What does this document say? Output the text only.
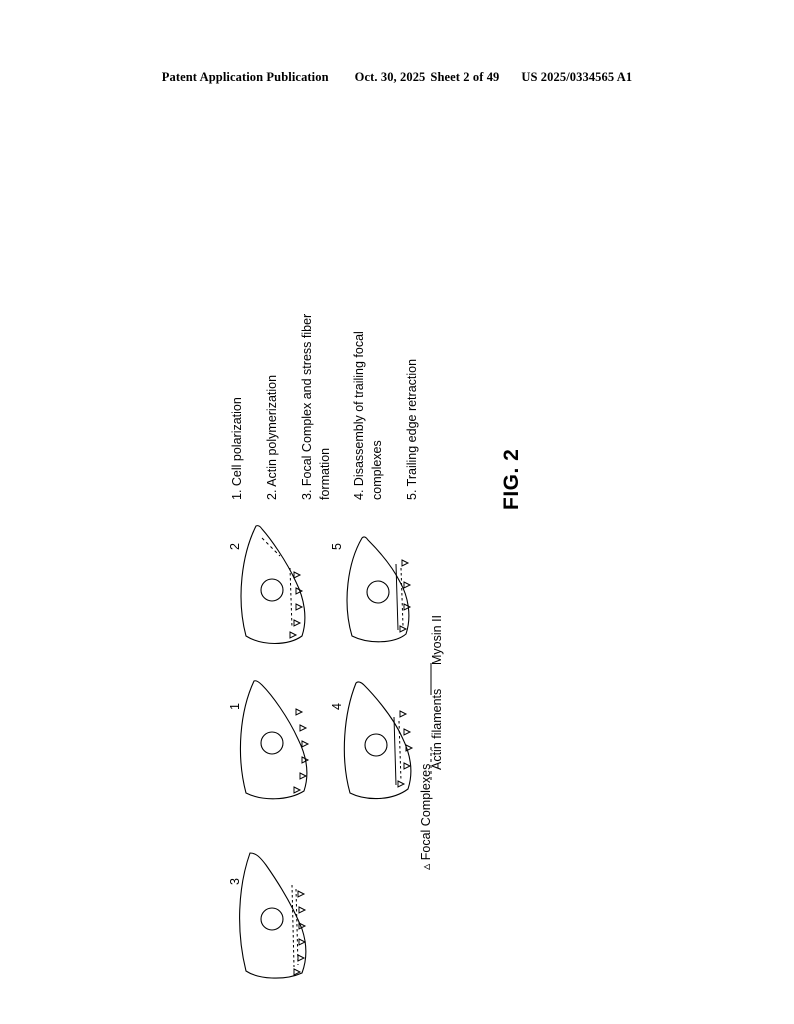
Patent Application Publication Oct. 30, 2025 Sheet 2 of 49 US 2025/0334565 A1
FIG. 2
1. Cell polarization 2. Actin polymerization 3. Focal Complex and stress fiber formation 4. Disassembly of trailing focal complexes 5. Trailing edge retraction
1
2
3
4
5
▵ Focal Complexes
Actin filaments
Myosin II
